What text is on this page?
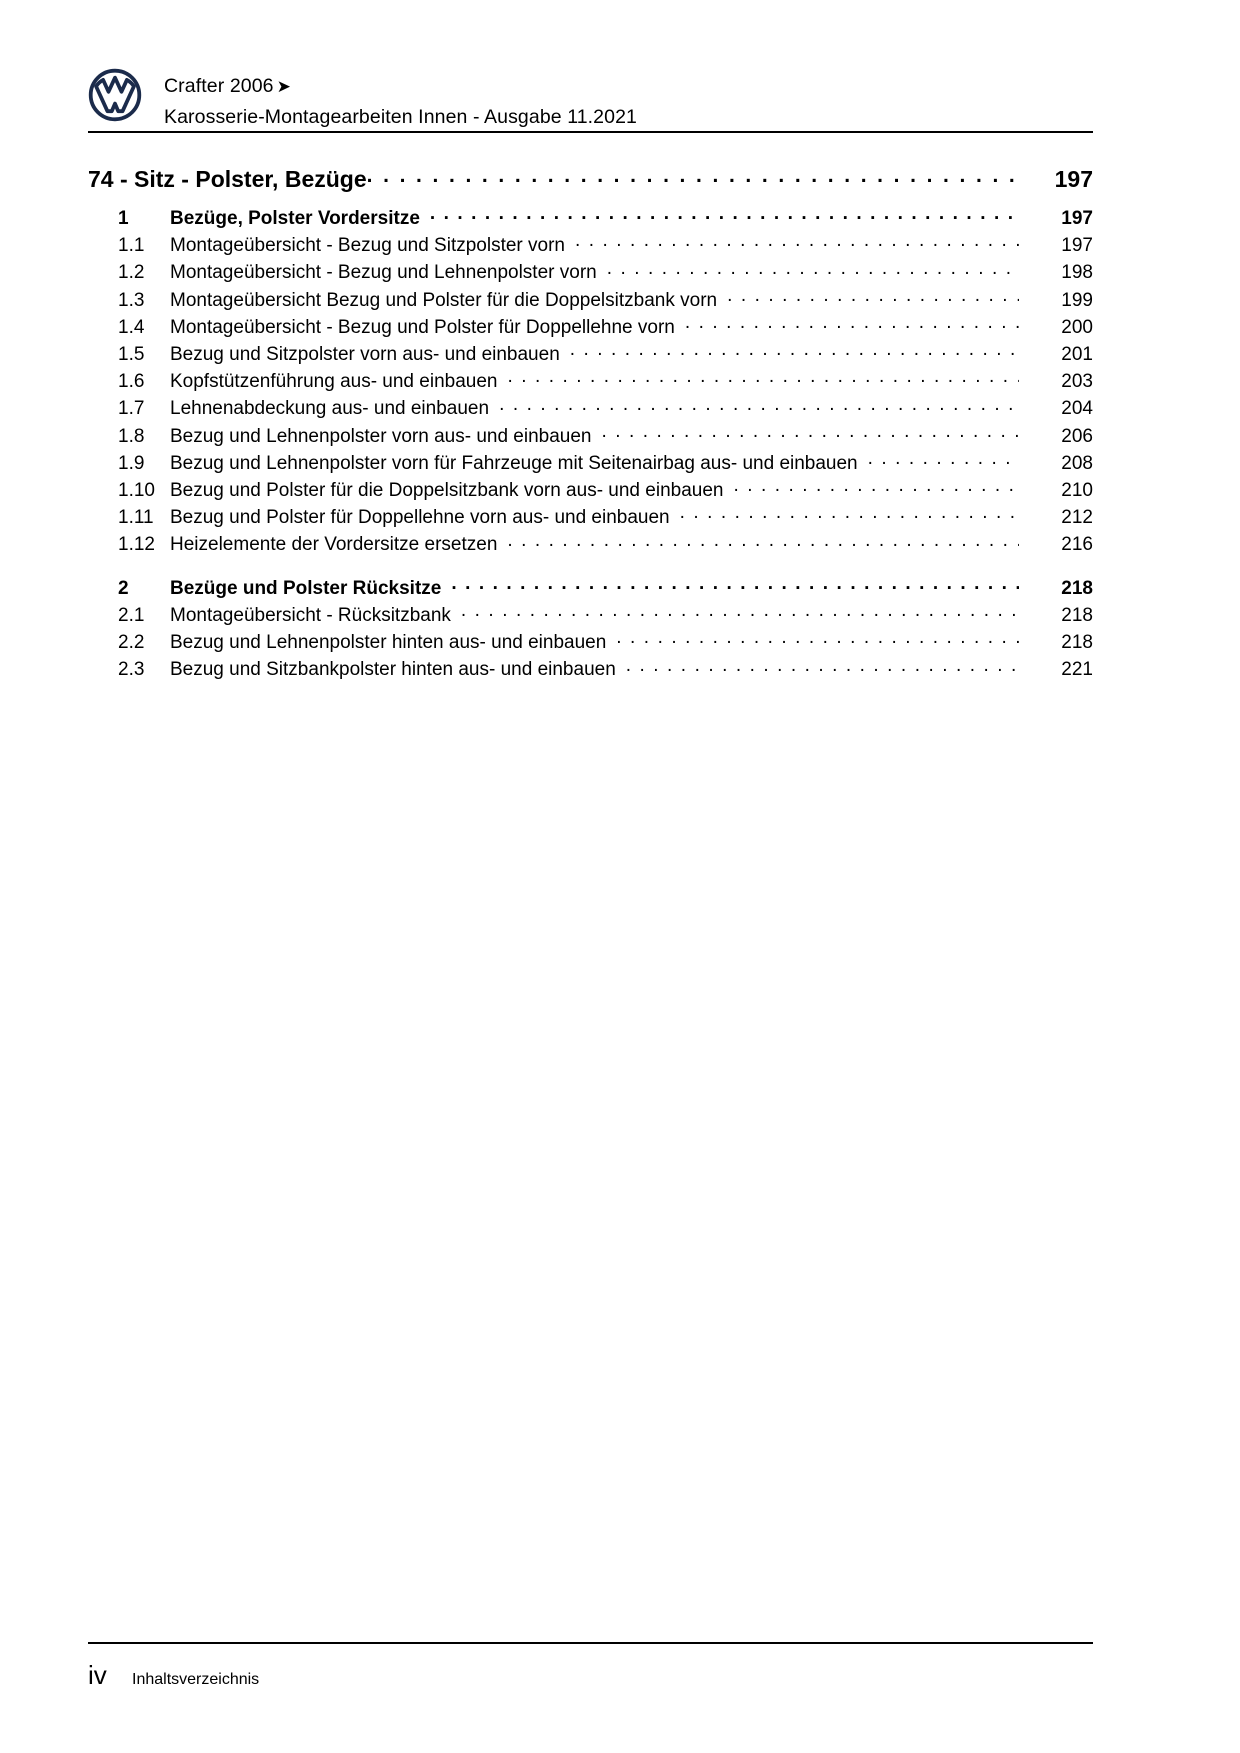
Crafter 2006 ➤
Karosserie-Montagearbeiten Innen - Ausgabe 11.2021
74 - Sitz - Polster, Bezüge . . .	197
1	Bezüge, Polster Vordersitze . . .	197
1.1	Montageübersicht - Bezug und Sitzpolster vorn . . .	197
1.2	Montageübersicht - Bezug und Lehnenpolster vorn . . .	198
1.3	Montageübersicht Bezug und Polster für die Doppelsitzbank vorn . . .	199
1.4	Montageübersicht - Bezug und Polster für Doppellehne vorn . . .	200
1.5	Bezug und Sitzpolster vorn aus- und einbauen . . .	201
1.6	Kopfstützenführung aus- und einbauen . . .	203
1.7	Lehnenabdeckung aus- und einbauen . . .	204
1.8	Bezug und Lehnenpolster vorn aus- und einbauen . . .	206
1.9	Bezug und Lehnenpolster vorn für Fahrzeuge mit Seitenairbag aus- und einbauen . . .	208
1.10 Bezug und Polster für die Doppelsitzbank vorn aus- und einbauen . . .	210
1.11 Bezug und Polster für Doppellehne vorn aus- und einbauen . . .	212
1.12 Heizelemente der Vordersitze ersetzen . . .	216
2	Bezüge und Polster Rücksitze . . .	218
2.1	Montageübersicht - Rücksitzbank . . .	218
2.2	Bezug und Lehnenpolster hinten aus- und einbauen . . .	218
2.3	Bezug und Sitzbankpolster hinten aus- und einbauen . . .	221
iv	Inhaltsverzeichnis
